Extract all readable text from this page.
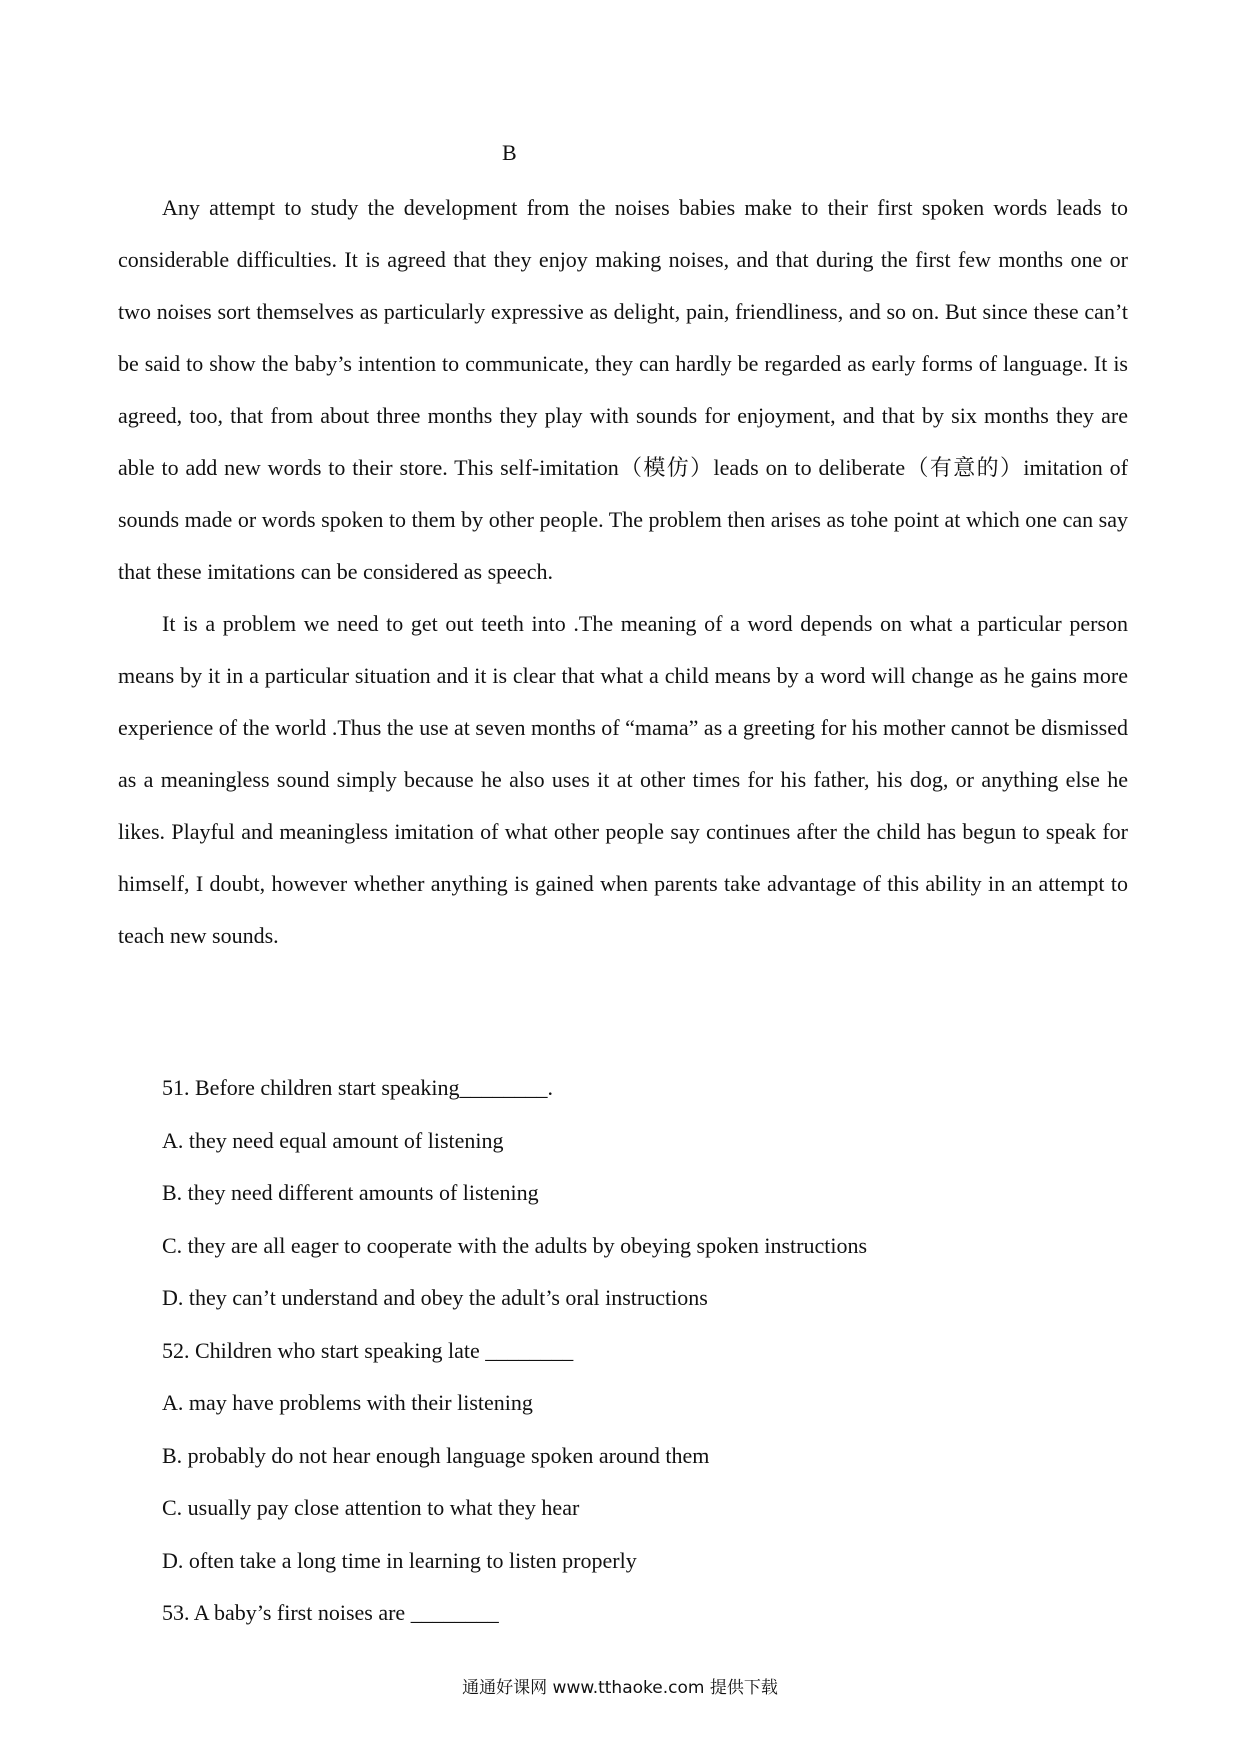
B

Any attempt to study the development from the noises babies make to their first spoken words leads to considerable difficulties. It is agreed that they enjoy making noises, and that during the first few months one or two noises sort themselves as particularly expressive as delight, pain, friendliness, and so on. But since these can’t be said to show the baby’s intention to communicate, they can hardly be regarded as early forms of language. It is agreed, too, that from about three months they play with sounds for enjoyment, and that by six months they are able to add new words to their store. This self-imitation（模仿）leads on to deliberate（有意的）imitation of sounds made or words spoken to them by other people. The problem then arises as tohe point at which one can say that these imitations can be considered as speech.

It is a problem we need to get out teeth into .The meaning of a word depends on what a particular person means by it in a particular situation and it is clear that what a child means by a word will change as he gains more experience of the world .Thus the use at seven months of “mama” as a greeting for his mother cannot be dismissed as a meaningless sound simply because he also uses it at other times for his father, his dog, or anything else he likes. Playful and meaningless imitation of what other people say continues after the child has begun to speak for himself, I doubt, however whether anything is gained when parents take advantage of this ability in an attempt to teach new sounds.

51. Before children start speaking________.
A. they need equal amount of listening
B. they need different amounts of listening
C. they are all eager to cooperate with the adults by obeying spoken instructions
D. they can’t understand and obey the adult’s oral instructions
52. Children who start speaking late ________
A. may have problems with their listening
B. probably do not hear enough language spoken around them
C. usually pay close attention to what they hear
D. often take a long time in learning to listen properly
53. A baby’s first noises are ________
通通好课网 www.tthaoke.com 提供下载
